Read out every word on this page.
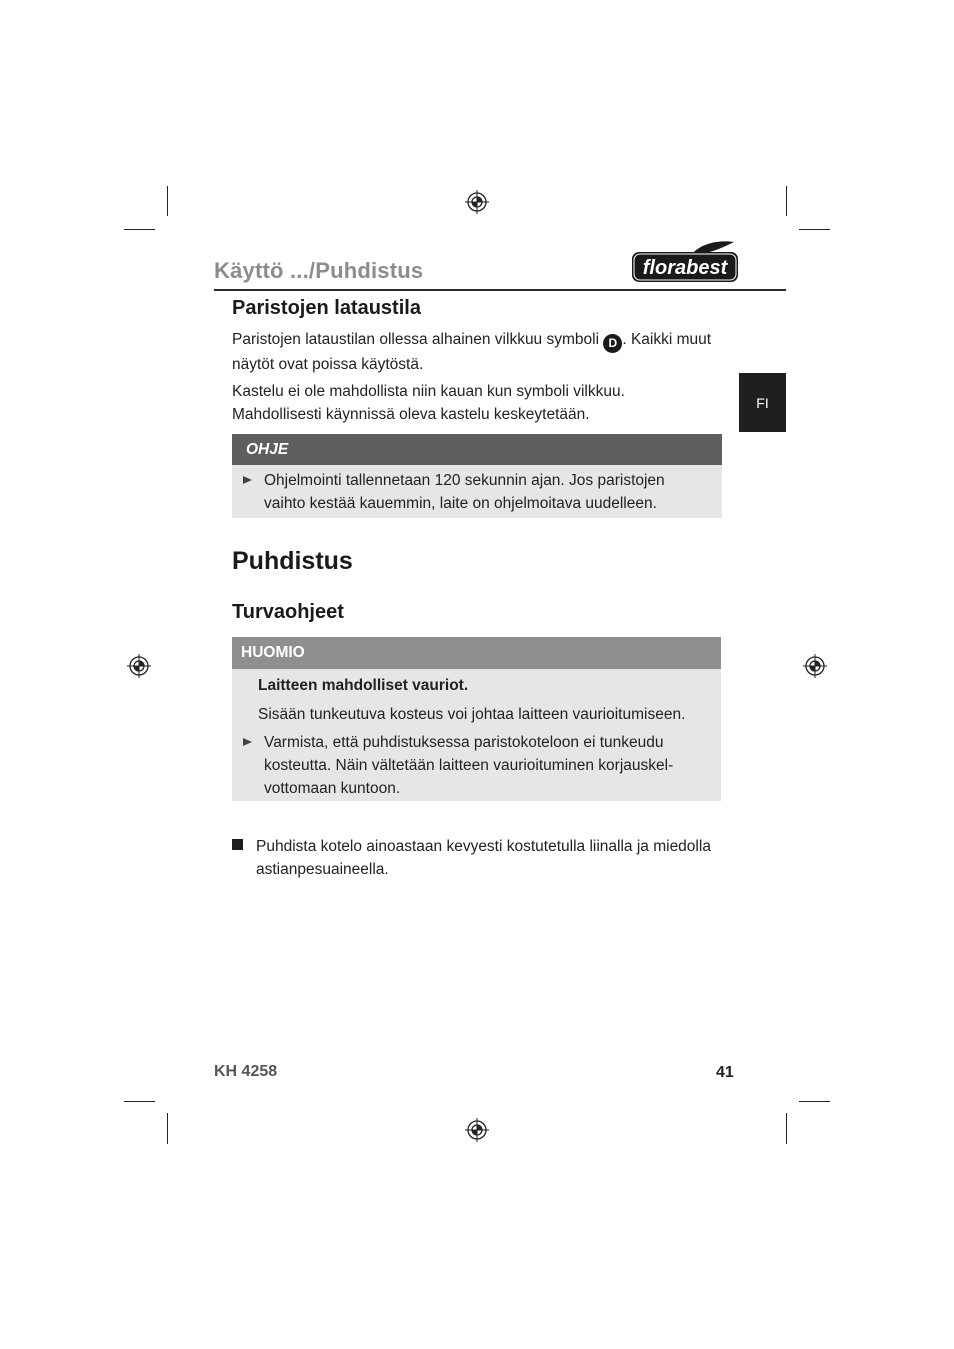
Käyttö .../Puhdistus	florabest
FI
Paristojen lataustila
Paristojen lataustilan ollessa alhainen vilkkuu symboli D . Kaikki muut
näytöt ovat poissa käytöstä.
Kastelu ei ole mahdollista niin kauan kun symboli vilkkuu.
Mahdollisesti käynnissä oleva kastelu keskeytetään.
OHJE
Ohjelmointi tallennetaan 120 sekunnin ajan. Jos paristojen
vaihto kestää kauemmin, laite on ohjelmoitava uudelleen.
Puhdistus
Turvaohjeet
HUOMIO
Laitteen mahdolliset vauriot.
Sisään tunkeutuva kosteus voi johtaa laitteen vaurioitumiseen.
Varmista, että puhdistuksessa paristokoteloon ei tunkeudu
kosteutta. Näin vältetään laitteen vaurioituminen korjauskel-
vottomaan kuntoon.
Puhdista kotelo ainoastaan kevyesti kostutetulla liinalla ja miedolla
astianpesuaineella.
KH 4258	41
